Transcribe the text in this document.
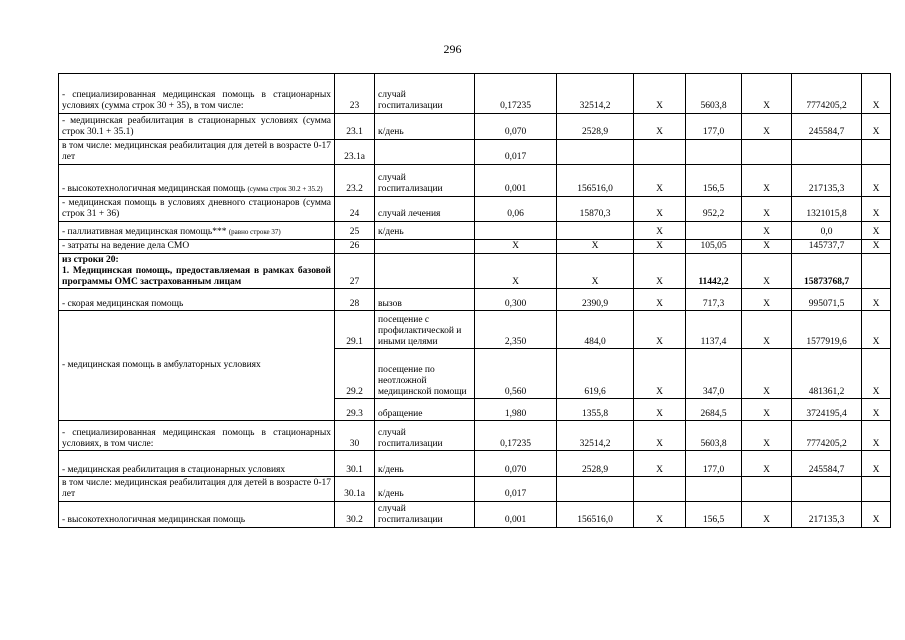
296
- специализированная медицинская помощь в стационарных условиях (сумма строк 30 + 35), в том числе:	23	случай госпитализации	0,17235	32514,2	X	5603,8	X	7774205,2	X
- медицинская реабилитация в стационарных условиях (сумма строк 30.1 + 35.1)	23.1	к/день	0,070	2528,9	X	177,0	X	245584,7	X
в том числе: медицинская реабилитация для детей в возрасте 0-17 лет	23.1а		0,017						
- высокотехнологичная медицинская помощь (сумма строк 30.2 + 35.2)	23.2	случай госпитализации	0,001	156516,0	X	156,5	X	217135,3	X
- медицинская помощь в условиях дневного стационаров (сумма строк 31 + 36)	24	случай лечения	0,06	15870,3	X	952,2	X	1321015,8	X
- паллиативная медицинская помощь*** (равно строке 37)	25	к/день			X		X	0,0	X
- затраты на ведение дела СМО	26		X	X	X	105,05	X	145737,7	X

из строки 20:
1. Медицинская помощь, предоставляемая в рамках базовой программы ОМС застрахованным лицам	27		X	X	X	11442,2	X	15873768,7	
- скорая медицинская помощь	28	вызов	0,300	2390,9	X	717,3	X	995071,5	X
- медицинская помощь в амбулаторных условиях	29.1	посещение с профилактической и иными целями	2,350	484,0	X	1137,4	X	1577919,6	X
	29.2	посещение по неотложной медицинской помощи	0,560	619,6	X	347,0	X	481361,2	X
	29.3	обращение	1,980	1355,8	X	2684,5	X	3724195,4	X
- специализированная медицинская помощь в стационарных условиях, в том числе:	30	случай госпитализации	0,17235	32514,2	X	5603,8	X	7774205,2	X
- медицинская реабилитация в стационарных условиях	30.1	к/день	0,070	2528,9	X	177,0	X	245584,7	X
в том числе: медицинская реабилитация для детей в возрасте 0-17 лет	30.1а	к/день	0,017						
- высокотехнологичная медицинская помощь	30.2	случай госпитализации	0,001	156516,0	X	156,5	X	217135,3	X
